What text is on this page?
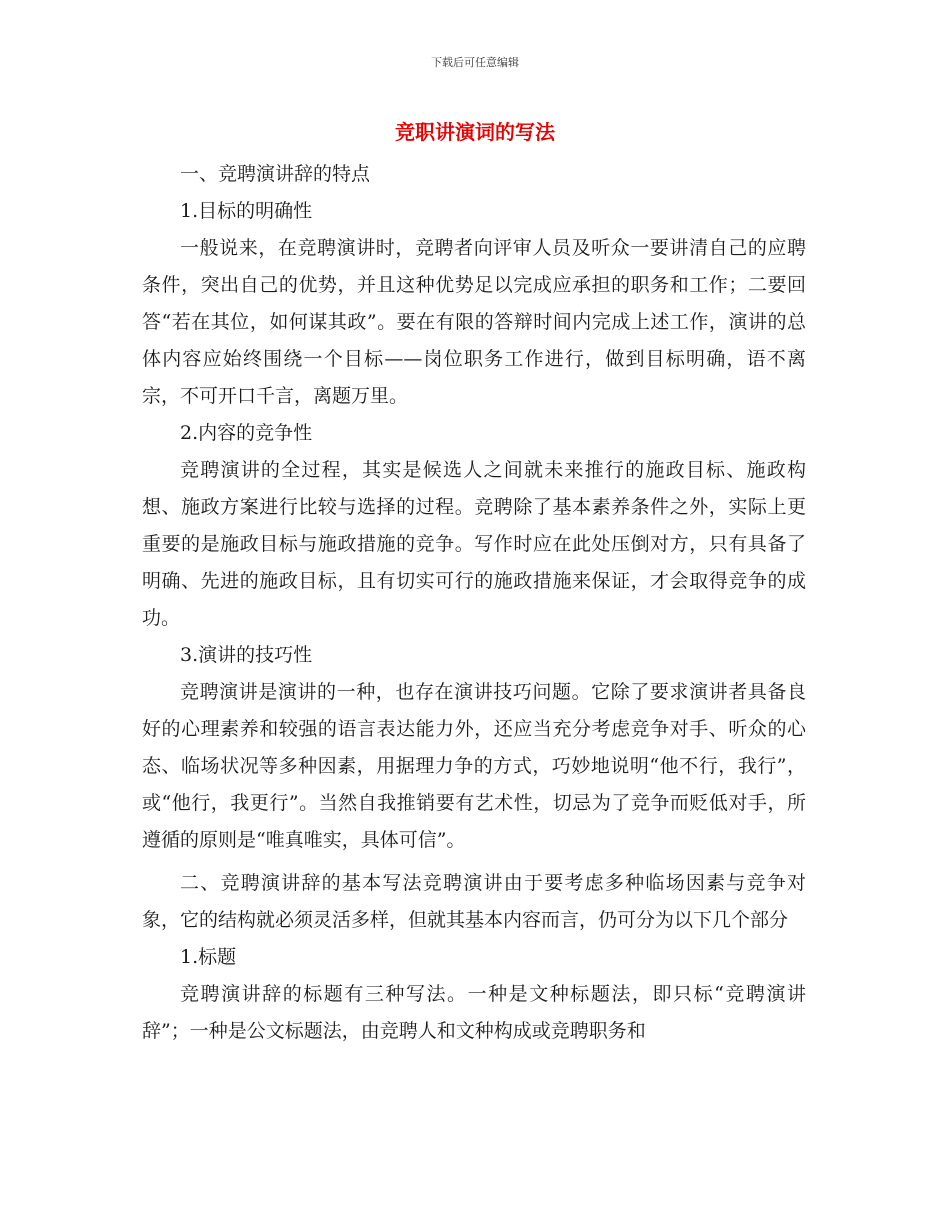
下载后可任意编辑
竞职讲演词的写法

一、竞聘演讲辞的特点

1.目标的明确性

一般说来，在竞聘演讲时，竞聘者向评审人员及听众一要讲清自己的应聘条件，突出自己的优势，并且这种优势足以完成应承担的职务和工作；二要回答“若在其位，如何谋其政”。要在有限的答辩时间内完成上述工作，演讲的总体内容应始终围绕一个目标——岗位职务工作进行，做到目标明确，语不离宗，不可开口千言，离题万里。

2.内容的竞争性

竞聘演讲的全过程，其实是候选人之间就未来推行的施政目标、施政构想、施政方案进行比较与选择的过程。竞聘除了基本素养条件之外，实际上更重要的是施政目标与施政措施的竞争。写作时应在此处压倒对方，只有具备了明确、先进的施政目标，且有切实可行的施政措施来保证，才会取得竞争的成功。

3.演讲的技巧性

竞聘演讲是演讲的一种，也存在演讲技巧问题。它除了要求演讲者具备良好的心理素养和较强的语言表达能力外，还应当充分考虑竞争对手、听众的心态、临场状况等多种因素，用据理力争的方式，巧妙地说明“他不行，我行”，或“他行，我更行”。当然自我推销要有艺术性，切忌为了竞争而贬低对手，所遵循的原则是“唯真唯实，具体可信”。

二、竞聘演讲辞的基本写法竞聘演讲由于要考虑多种临场因素与竞争对象，它的结构就必须灵活多样，但就其基本内容而言，仍可分为以下几个部分

1.标题

竞聘演讲辞的标题有三种写法。一种是文种标题法，即只标“竞聘演讲辞”；一种是公文标题法，由竞聘人和文种构成或竞聘职务和
